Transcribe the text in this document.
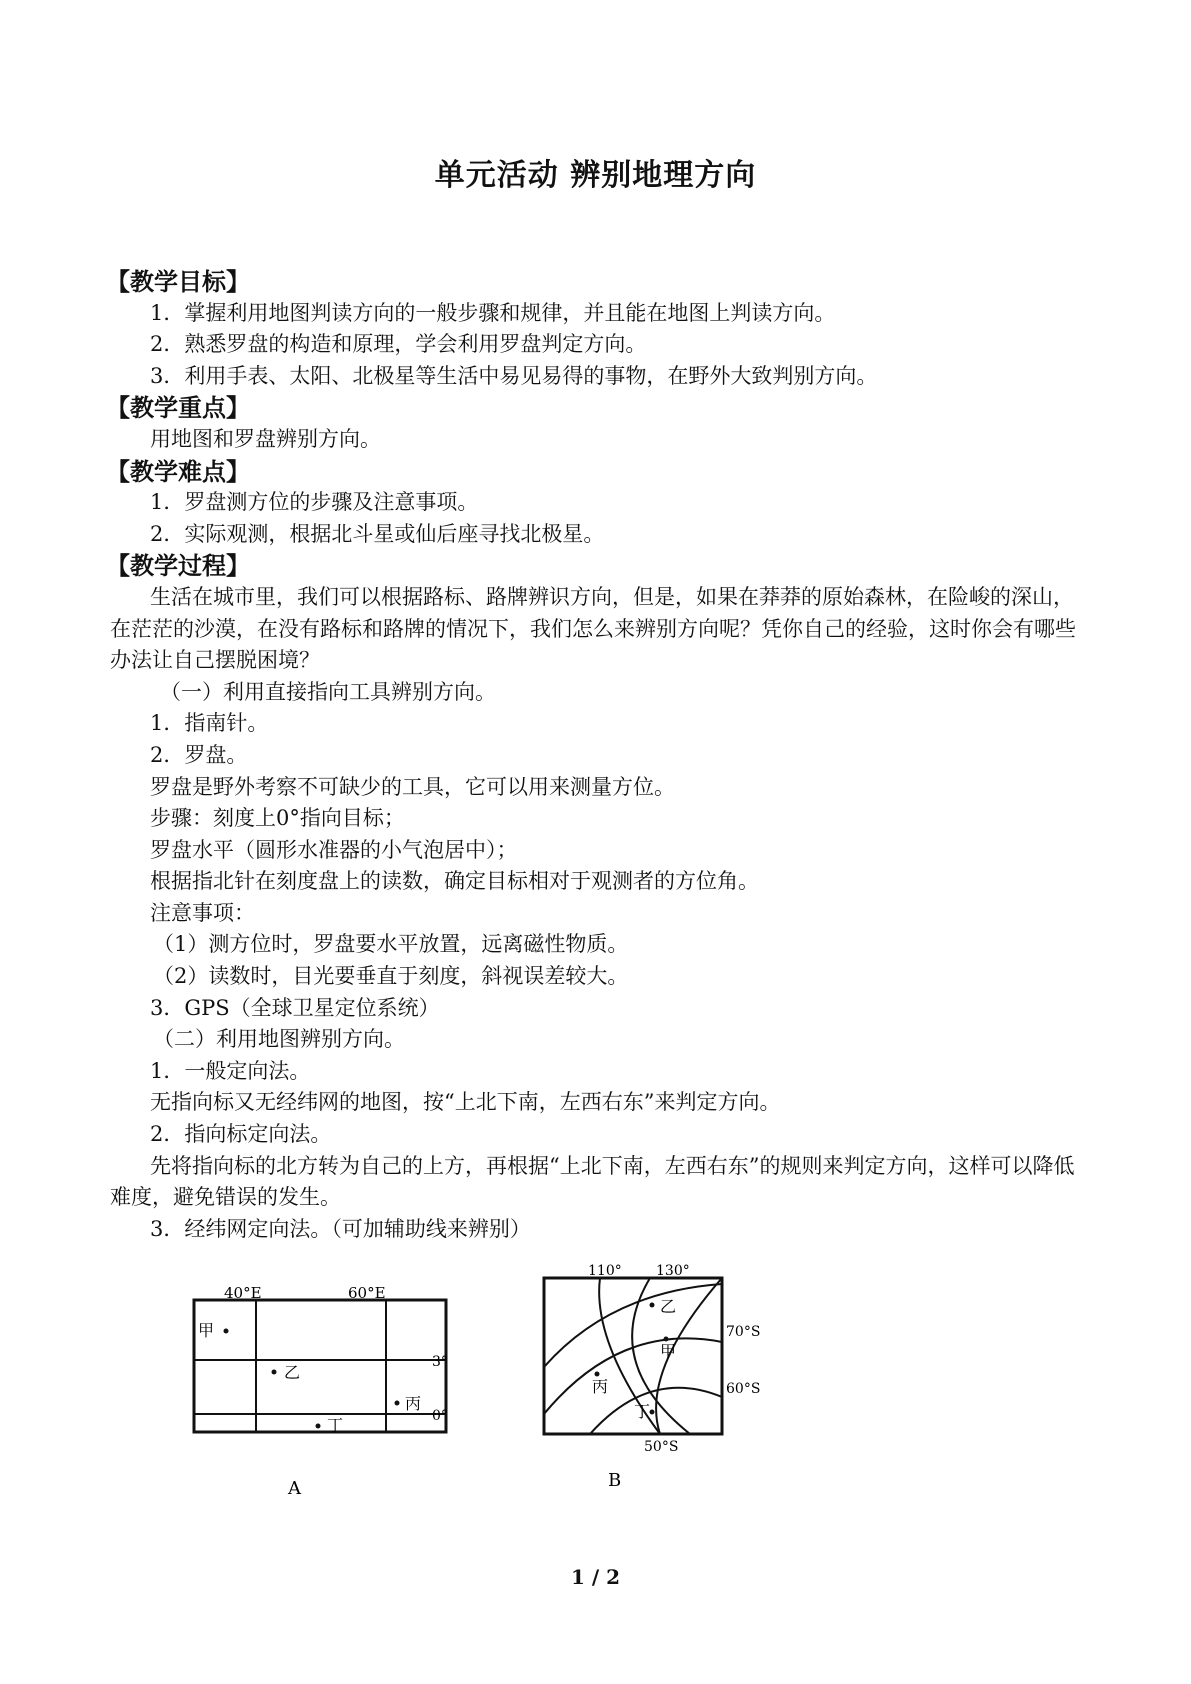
单元活动 辨别地理方向
【教学目标】
1．掌握利用地图判读方向的一般步骤和规律，并且能在地图上判读方向。
2．熟悉罗盘的构造和原理，学会利用罗盘判定方向。
3．利用手表、太阳、北极星等生活中易见易得的事物，在野外大致判别方向。
【教学重点】
用地图和罗盘辨别方向。
【教学难点】
1．罗盘测方位的步骤及注意事项。
2．实际观测，根据北斗星或仙后座寻找北极星。
【教学过程】
生活在城市里，我们可以根据路标、路牌辨识方向，但是，如果在莽莽的原始森林，在险峻的深山，在茫茫的沙漠，在没有路标和路牌的情况下，我们怎么来辨别方向呢？凭你自己的经验，这时你会有哪些办法让自己摆脱困境？
（一）利用直接指向工具辨别方向。
1．指南针。
2．罗盘。
罗盘是野外考察不可缺少的工具，它可以用来测量方位。
步骤：刻度上0°指向目标；
罗盘水平（圆形水准器的小气泡居中）；
根据指北针在刻度盘上的读数，确定目标相对于观测者的方位角。
注意事项：
（1）测方位时，罗盘要水平放置，远离磁性物质。
（2）读数时，目光要垂直于刻度，斜视误差较大。
3．GPS（全球卫星定位系统）
（二）利用地图辨别方向。
1．一般定向法。
无指向标又无经纬网的地图，按“上北下南，左西右东”来判定方向。
2．指向标定向法。
先将指向标的北方转为自己的上方，再根据“上北下南，左西右东”的规则来判定方向，这样可以降低难度，避免错误的发生。
3．经纬网定向法。（可加辅助线来辨别）
40°E	60°E
3°
0°
甲
乙
丙
丁
A
110° 130°
70°S
60°S
50°S
乙
甲
丙
丁
B
1 / 2
